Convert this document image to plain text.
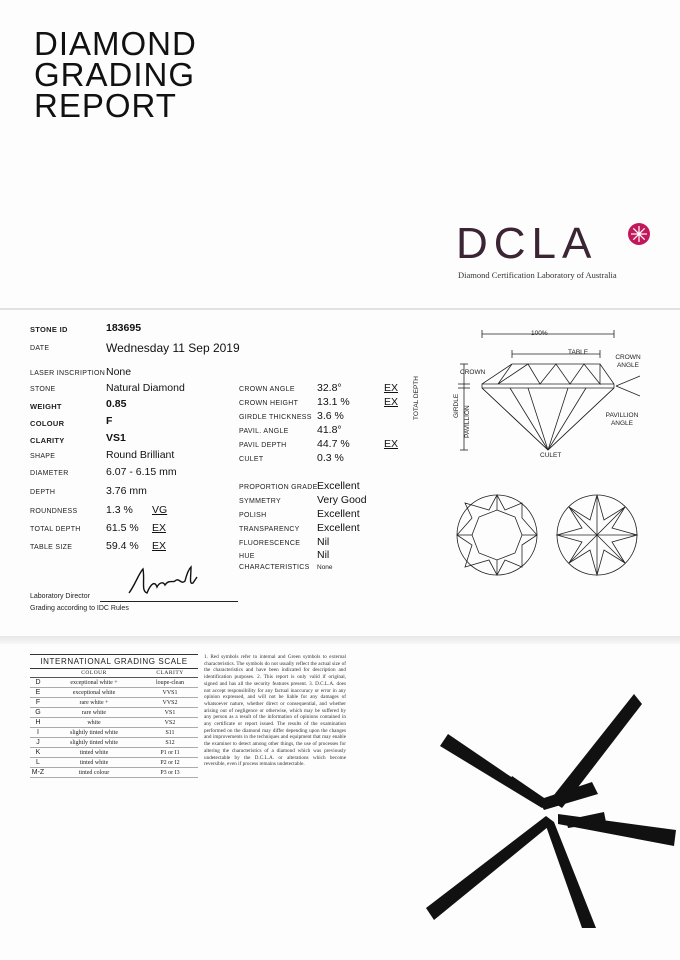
DIAMOND
GRADING
REPORT
DCLA
Diamond Certification Laboratory of Australia
STONE ID	183695
DATE	Wednesday 11 Sep 2019
LASER INSCRIPTION None
STONE	Natural Diamond
WEIGHT	0.85
COLOUR	F
CLARITY	VS1
SHAPE	Round Brilliant
DIAMETER	6.07 - 6.15 mm
DEPTH	3.76 mm
ROUNDNESS	1.3 % VG
TOTAL DEPTH 61.5 % EX
TABLE SIZE	59.4 % EX
CROWN ANGLE 32.8°	EX
CROWN HEIGHT 13.1 %	EX
GIRDLE THICKNESS 3.6 %
PAVIL. ANGLE	41.8°
PAVIL DEPTH	44.7 %	EX
CULET	0.3 %
PROPORTION GRADE Excellent
SYMMETRY	Very Good
POLISH	Excellent
TRANSPARENCY Excellent
FLUORESCENCE Nil
HUE	Nil
CHARACTERISTICS None
100%
TABLE
CROWN
CROWN ANGLE
PAVILLION ANGLE
CULET
TOTAL DEPTH	GIRDLE PAVILLION
Laboratory Director
Grading according to IDC Rules
INTERNATIONAL GRADING SCALE
	COLOUR	CLARITY
D	exceptional white +	loupe-clean
E	exceptional white	VVS1
F	rare white +	VVS2
G	rare white	VS1
H	white	VS2
I	slightly tinted white	S11
J	slightly tinted white	S12
K	tinted white	P1 or I1
L	tinted white	P2 or I2
M-Z	tinted colour	P3 or I3
1. Red symbols refer to internal and Green symbols to external characteristics. The symbols do not usually reflect the actual size of the characteristics and have been indicated for description and identification purposes. 2. This report is only valid if original, signed and has all the security features present. 3. D.C.L.A. does not accept responsibility for any factual inaccuracy or error in any opinion expressed, and will not be liable for any damages of whatsoever nature, whether direct or consequential, and whether arising out of negligence or otherwise, which may be suffered by any person as a result of the information of opinions contained in any certificate or report issued. The results of the examination performed on the diamond may differ depending upon the changes and improvements in the techniques and equipment that may enable the examiner to detect among other things, the use of processes for altering the characteristics of a diamond which was previously undetectable by the D.C.L.A. or alterations which become reversible, even if process remains undetectable.
